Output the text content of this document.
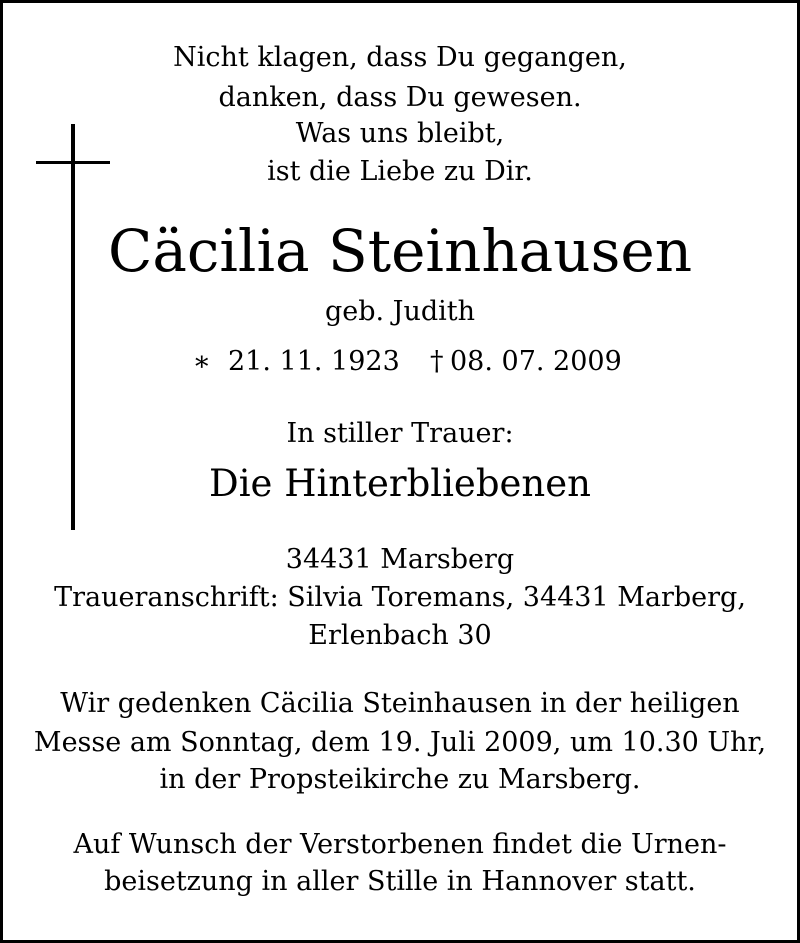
Nicht klagen, dass Du gegangen,
danken, dass Du gewesen.
Was uns bleibt,
ist die Liebe zu Dir.
Cäcilia Steinhausen
geb. Judith
* 21. 11. 1923 † 08. 07. 2009
In stiller Trauer:
Die Hinterbliebenen
34431 Marsberg
Traueranschrift: Silvia Toremans, 34431 Marberg,
Erlenbach 30
Wir gedenken Cäcilia Steinhausen in der heiligen
Messe am Sonntag, dem 19. Juli 2009, um 10.30 Uhr,
in der Propsteikirche zu Marsberg.
Auf Wunsch der Verstorbenen findet die Urnen-
beisetzung in aller Stille in Hannover statt.
